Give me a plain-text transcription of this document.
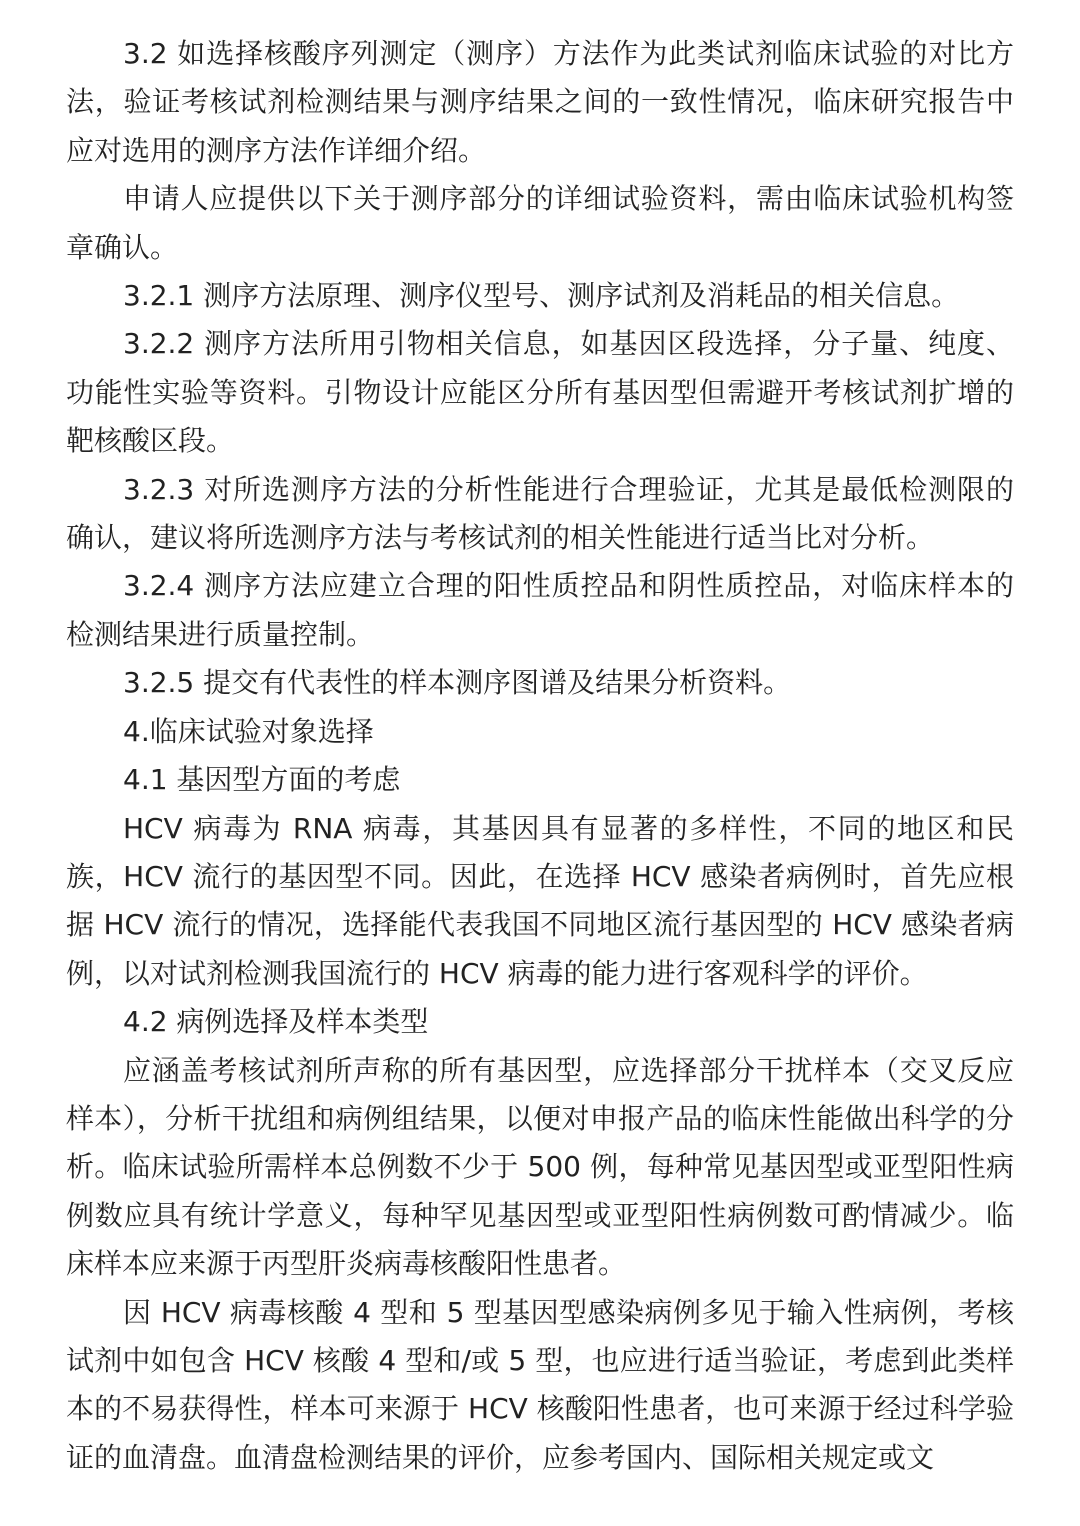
3.2 如选择核酸序列测定（测序）方法作为此类试剂临床试验的对比方法，验证考核试剂检测结果与测序结果之间的一致性情况，临床研究报告中应对选用的测序方法作详细介绍。

申请人应提供以下关于测序部分的详细试验资料，需由临床试验机构签章确认。

3.2.1 测序方法原理、测序仪型号、测序试剂及消耗品的相关信息。

3.2.2 测序方法所用引物相关信息，如基因区段选择，分子量、纯度、功能性实验等资料。引物设计应能区分所有基因型但需避开考核试剂扩增的靶核酸区段。

3.2.3 对所选测序方法的分析性能进行合理验证，尤其是最低检测限的确认，建议将所选测序方法与考核试剂的相关性能进行适当比对分析。

3.2.4 测序方法应建立合理的阳性质控品和阴性质控品，对临床样本的检测结果进行质量控制。

3.2.5 提交有代表性的样本测序图谱及结果分析资料。

4.临床试验对象选择

4.1 基因型方面的考虑

HCV 病毒为 RNA 病毒，其基因具有显著的多样性，不同的地区和民族，HCV 流行的基因型不同。因此，在选择 HCV 感染者病例时，首先应根据 HCV 流行的情况，选择能代表我国不同地区流行基因型的 HCV 感染者病例，以对试剂检测我国流行的 HCV 病毒的能力进行客观科学的评价。

4.2 病例选择及样本类型

应涵盖考核试剂所声称的所有基因型，应选择部分干扰样本（交叉反应样本），分析干扰组和病例组结果，以便对申报产品的临床性能做出科学的分析。临床试验所需样本总例数不少于 500 例，每种常见基因型或亚型阳性病例数应具有统计学意义，每种罕见基因型或亚型阳性病例数可酌情减少。临床样本应来源于丙型肝炎病毒核酸阳性患者。

因 HCV 病毒核酸 4 型和 5 型基因型感染病例多见于输入性病例，考核试剂中如包含 HCV 核酸 4 型和/或 5 型，也应进行适当验证，考虑到此类样本的不易获得性，样本可来源于 HCV 核酸阳性患者，也可来源于经过科学验证的血清盘。血清盘检测结果的评价，应参考国内、国际相关规定或文
